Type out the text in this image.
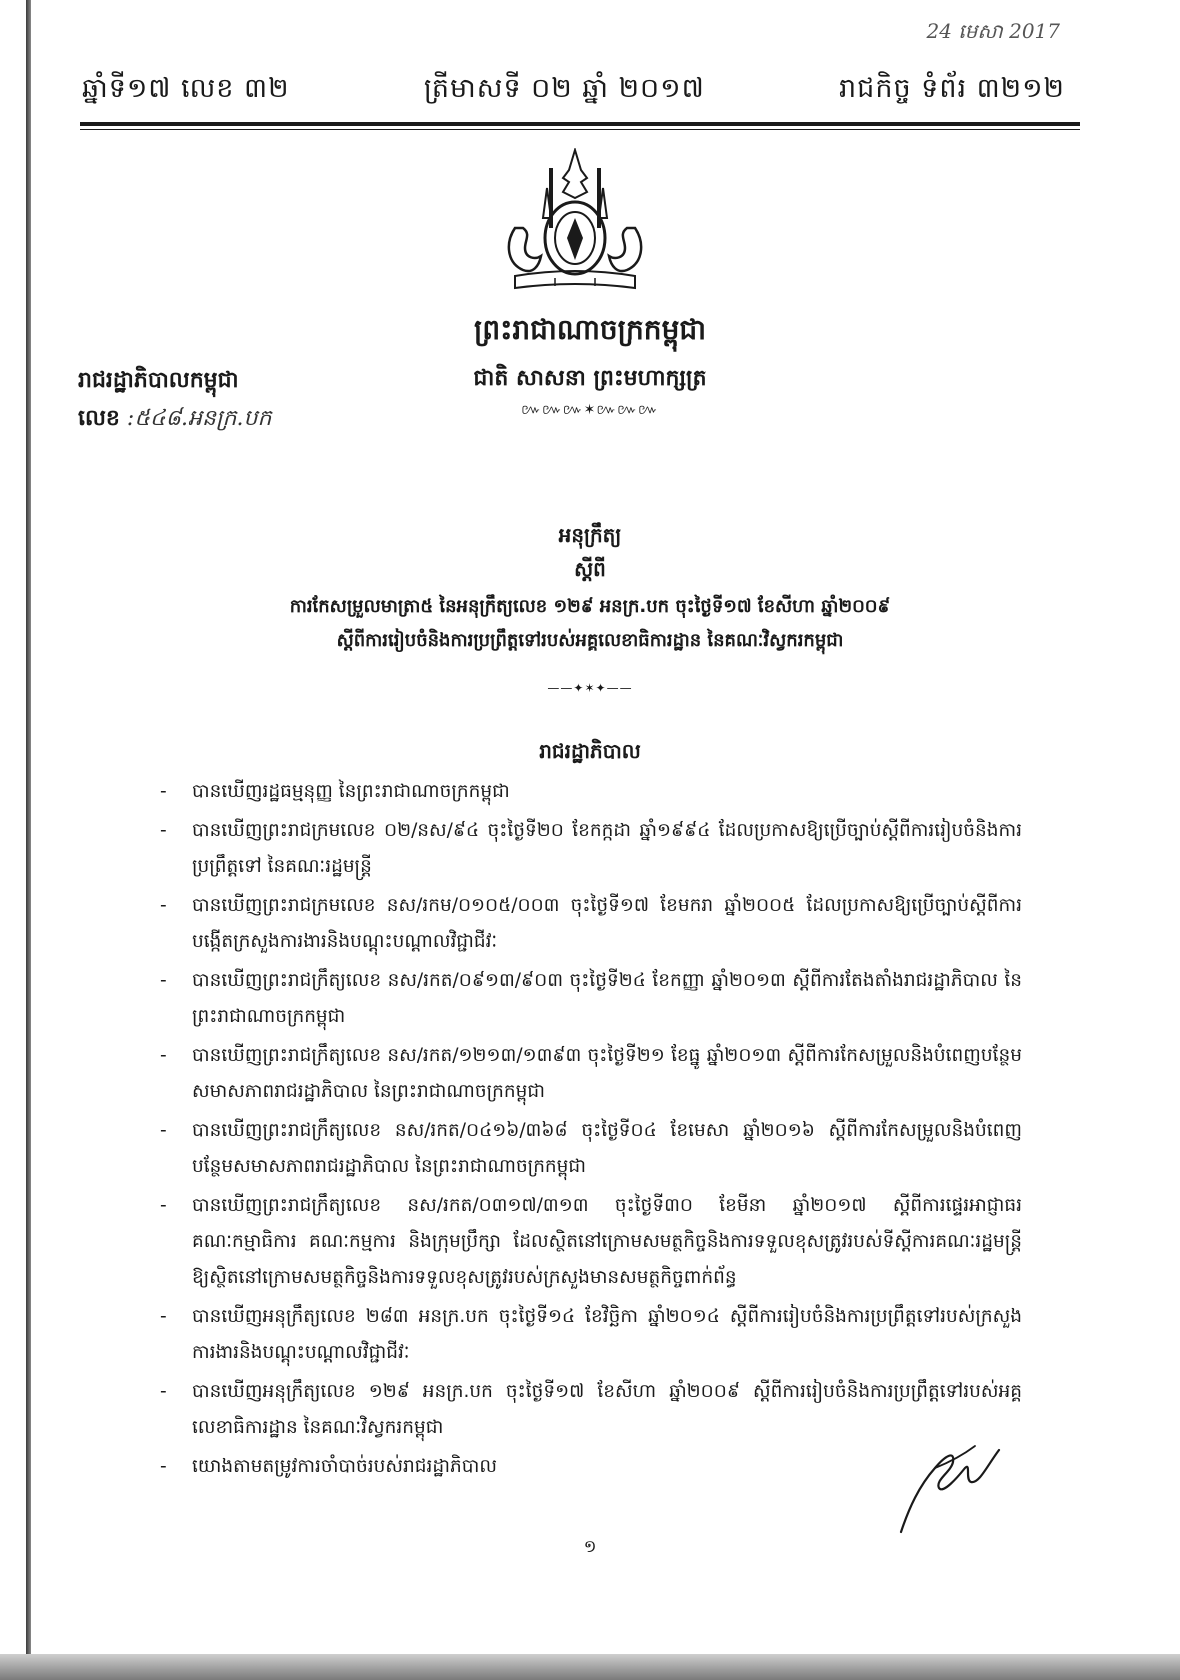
24 មេសា 2017
ឆ្នាំទី១៧ លេខ ៣២	ត្រីមាសទី ០២ ឆ្នាំ ២០១៧	រាជកិច្ច ទំព័រ ៣២១២
ព្រះរាជាណាចក្រកម្ពុជា
ជាតិ សាសនា ព្រះមហាក្សត្រ
៚៚៚✶៚៚៚
រាជរដ្ឋាភិបាលកម្ពុជា
លេខ :៥៤៨.អនក្រ.បក
អនុក្រឹត្យ
ស្ដីពី
ការកែសម្រួលមាត្រា៥ នៃអនុក្រឹត្យលេខ ១២៩ អនក្រ.បក ចុះថ្ងៃទី១៧ ខែសីហា ឆ្នាំ២០០៩
ស្ដីពីការរៀបចំនិងការប្រព្រឹត្តទៅរបស់អគ្គលេខាធិការដ្ឋាន នៃគណៈវិស្វករកម្ពុជា
——✦✶✦——
រាជរដ្ឋាភិបាល
- បានឃើញរដ្ឋធម្មនុញ្ញ នៃព្រះរាជាណាចក្រកម្ពុជា
- បានឃើញព្រះរាជក្រមលេខ ០២/នស/៩៤ ចុះថ្ងៃទី២០ ខែកក្កដា ឆ្នាំ១៩៩៤ ដែលប្រកាសឱ្យប្រើច្បាប់ស្ដីពីការរៀបចំនិងការប្រព្រឹត្តទៅ នៃគណៈរដ្ឋមន្ត្រី
- បានឃើញព្រះរាជក្រមលេខ នស/រកម/០១០៥/០០៣ ចុះថ្ងៃទី១៧ ខែមករា ឆ្នាំ២០០៥ ដែលប្រកាសឱ្យប្រើច្បាប់ស្ដីពីការបង្កើតក្រសួងការងារនិងបណ្ដុះបណ្ដាលវិជ្ជាជីវៈ
- បានឃើញព្រះរាជក្រឹត្យលេខ នស/រកត/០៩១៣/៩០៣ ចុះថ្ងៃទី២៤ ខែកញ្ញា ឆ្នាំ២០១៣ ស្ដីពីការតែងតាំងរាជរដ្ឋាភិបាល នៃព្រះរាជាណាចក្រកម្ពុជា
- បានឃើញព្រះរាជក្រឹត្យលេខ នស/រកត/១២១៣/១៣៩៣ ចុះថ្ងៃទី២១ ខែធ្នូ ឆ្នាំ២០១៣ ស្ដីពីការកែសម្រួលនិងបំពេញបន្ថែមសមាសភាពរាជរដ្ឋាភិបាល នៃព្រះរាជាណាចក្រកម្ពុជា
- បានឃើញព្រះរាជក្រឹត្យលេខ នស/រកត/០៤១៦/៣៦៨ ចុះថ្ងៃទី០៤ ខែមេសា ឆ្នាំ២០១៦ ស្ដីពីការកែសម្រួលនិងបំពេញបន្ថែមសមាសភាពរាជរដ្ឋាភិបាល នៃព្រះរាជាណាចក្រកម្ពុជា
- បានឃើញព្រះរាជក្រឹត្យលេខ នស/រកត/០៣១៧/៣១៣ ចុះថ្ងៃទី៣០ ខែមីនា ឆ្នាំ២០១៧ ស្ដីពីការផ្ទេរអាជ្ញាធរ គណៈកម្មាធិការ គណៈកម្មការ និងក្រុមប្រឹក្សា ដែលស្ថិតនៅក្រោមសមត្ថកិច្ចនិងការទទួលខុសត្រូវរបស់ទីស្ដីការគណៈរដ្ឋមន្ត្រី ឱ្យស្ថិតនៅក្រោមសមត្ថកិច្ចនិងការទទួលខុសត្រូវរបស់ក្រសួងមានសមត្ថកិច្ចពាក់ព័ន្ធ
- បានឃើញអនុក្រឹត្យលេខ ២៨៣ អនក្រ.បក ចុះថ្ងៃទី១៤ ខែវិច្ឆិកា ឆ្នាំ២០១៤ ស្ដីពីការរៀបចំនិងការប្រព្រឹត្តទៅរបស់ក្រសួងការងារនិងបណ្ដុះបណ្ដាលវិជ្ជាជីវៈ
- បានឃើញអនុក្រឹត្យលេខ ១២៩ អនក្រ.បក ចុះថ្ងៃទី១៧ ខែសីហា ឆ្នាំ២០០៩ ស្ដីពីការរៀបចំនិងការប្រព្រឹត្តទៅរបស់អគ្គលេខាធិការដ្ឋាន នៃគណៈវិស្វករកម្ពុជា
- យោងតាមតម្រូវការចាំបាច់របស់រាជរដ្ឋាភិបាល
១
